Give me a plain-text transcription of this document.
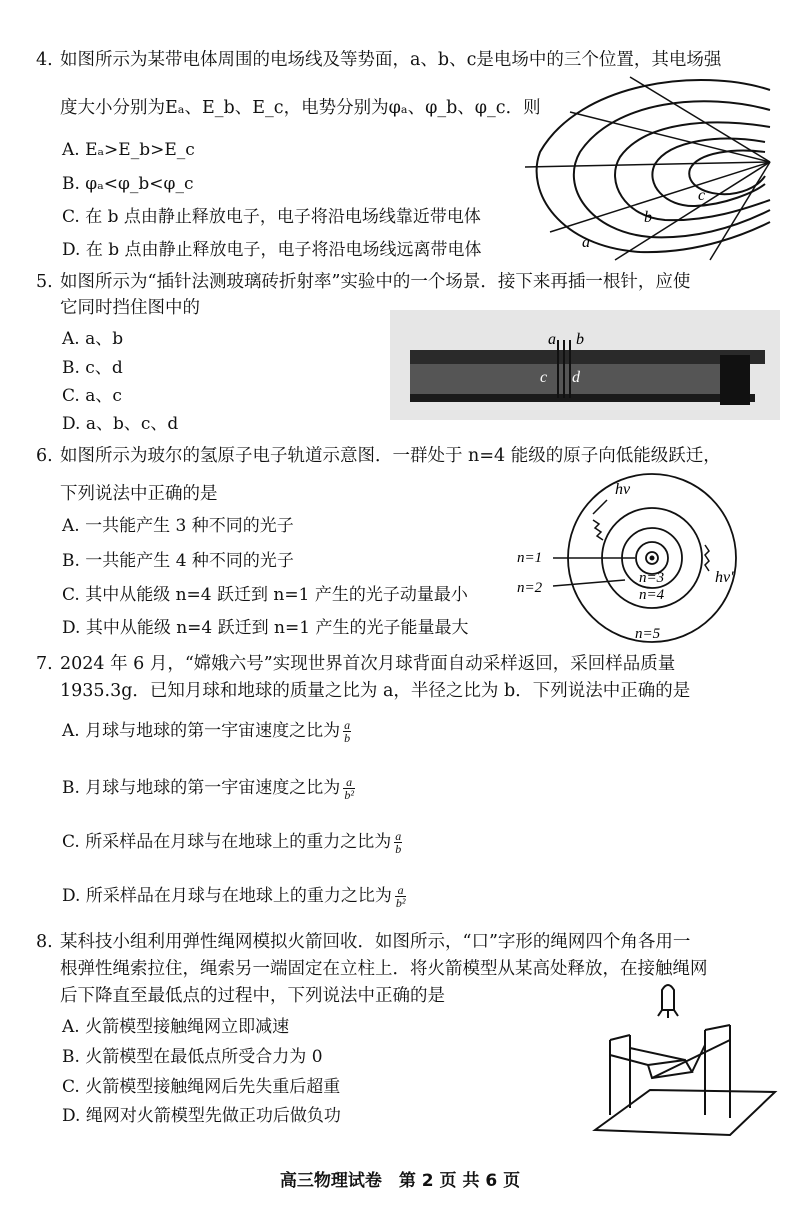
4. 如图所示为某带电体周围的电场线及等势面，a、b、c是电场中的三个位置，其电场强
度大小分别为Eₐ、E_b、E_c，电势分别为φₐ、φ_b、φ_c．则
A. Eₐ>E_b>E_c
B. φₐ<φ_b<φ_c
C. 在 b 点由静止释放电子，电子将沿电场线靠近带电体
D. 在 b 点由静止释放电子，电子将沿电场线远离带电体	a
b
c
5. 如图所示为“插针法测玻璃砖折射率”实验中的一个场景．接下来再插一根针，应使
它同时挡住图中的
A. a、b
B. c、d
C. a、c
D. a、b、c、d
a b
c d
6. 如图所示为玻尔的氢原子电子轨道示意图．一群处于 n=4 能级的原子向低能级跃迁，
下列说法中正确的是
A. 一共能产生 3 种不同的光子
B. 一共能产生 4 种不同的光子
C. 其中从能级 n=4 跃迁到 n=1 产生的光子动量最小
D. 其中从能级 n=4 跃迁到 n=1 产生的光子能量最大
hν
hν′
n=1
n=2
n=3
n=4
n=5
7. 2024 年 6 月，“嫦娥六号”实现世界首次月球背面自动采样返回，采回样品质量
1935.3g．已知月球和地球的质量之比为 a，半径之比为 b．下列说法中正确的是
A. 月球与地球的第一宇宙速度之比为 $\frac{a}{b}$
B. 月球与地球的第一宇宙速度之比为 $\frac{a}{\text{b²}}$
C. 所采样品在月球与在地球上的重力之比为 $\frac{a}{b}$
D. 所采样品在月球与在地球上的重力之比为 $\frac{a}{\text{b²}}$
8. 某科技小组利用弹性绳网模拟火箭回收．如图所示，“口”字形的绳网四个角各用一
根弹性绳索拉住，绳索另一端固定在立柱上．将火箭模型从某高处释放，在接触绳网
后下降直至最低点的过程中，下列说法中正确的是
A. 火箭模型接触绳网立即减速
B. 火箭模型在最低点所受合力为 0
C. 火箭模型接触绳网后先失重后超重
D. 绳网对火箭模型先做正功后做负功
高三物理试卷　第 2 页 共 6 页
